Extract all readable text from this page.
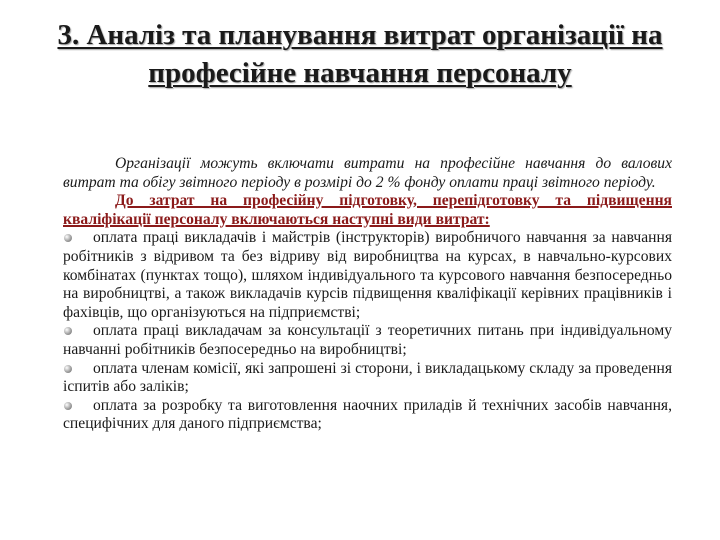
3. Аналіз та планування витрат організації на професійне навчання персоналу

Організації можуть включати витрати на професійне навчання до валових витрат та обігу звітного періоду в розмірі до 2 % фонду оплати праці звітного періоду.

До затрат на професійну підготовку, перепідготовку та підвищення кваліфікації персоналу включаються наступні види витрат:

оплата праці викладачів і майстрів (інструкторів) виробничого навчання за навчання робітників з відривом та без відриву від виробництва на курсах, в навчально-курсових комбінатах (пунктах тощо), шляхом індивідуального та курсового навчання безпосередньо на виробництві, а також викладачів курсів підвищення кваліфікації керівних працівників і фахівців, що організуються на підприємстві;

оплата праці викладачам за консультації з теоретичних питань при індивідуальному навчанні робітників безпосередньо на виробництві;

оплата членам комісії, які запрошені зі сторони, і викладацькому складу за проведення іспитів або заліків;

оплата за розробку та виготовлення наочних приладів й технічних засобів навчання, специфічних для даного підприємства;
